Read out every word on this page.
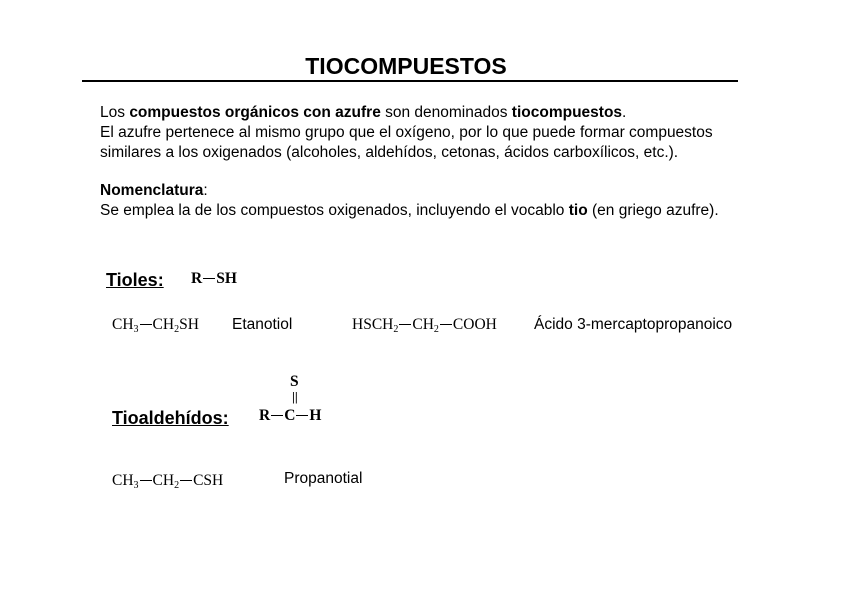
TIOCOMPUESTOS
Los compuestos orgánicos con azufre son denominados tiocompuestos.
El azufre pertenece al mismo grupo que el oxígeno, por lo que puede formar compuestos
similares a los oxigenados (alcoholes, aldehídos, cetonas, ácidos carboxílicos, etc.).
Nomenclatura:
Se emplea la de los compuestos oxigenados, incluyendo el vocablo tio (en griego azufre).
Tioles: R SH
$CH_3$ $CH_2SH$ Etanotiol	$HSCH_2$ $CH_2$ COOH Ácido 3-mercaptopropanoico
Tioaldehídos:
S
||
R C H
$CH_3$ $CH_2$ CSH	Propanotial
